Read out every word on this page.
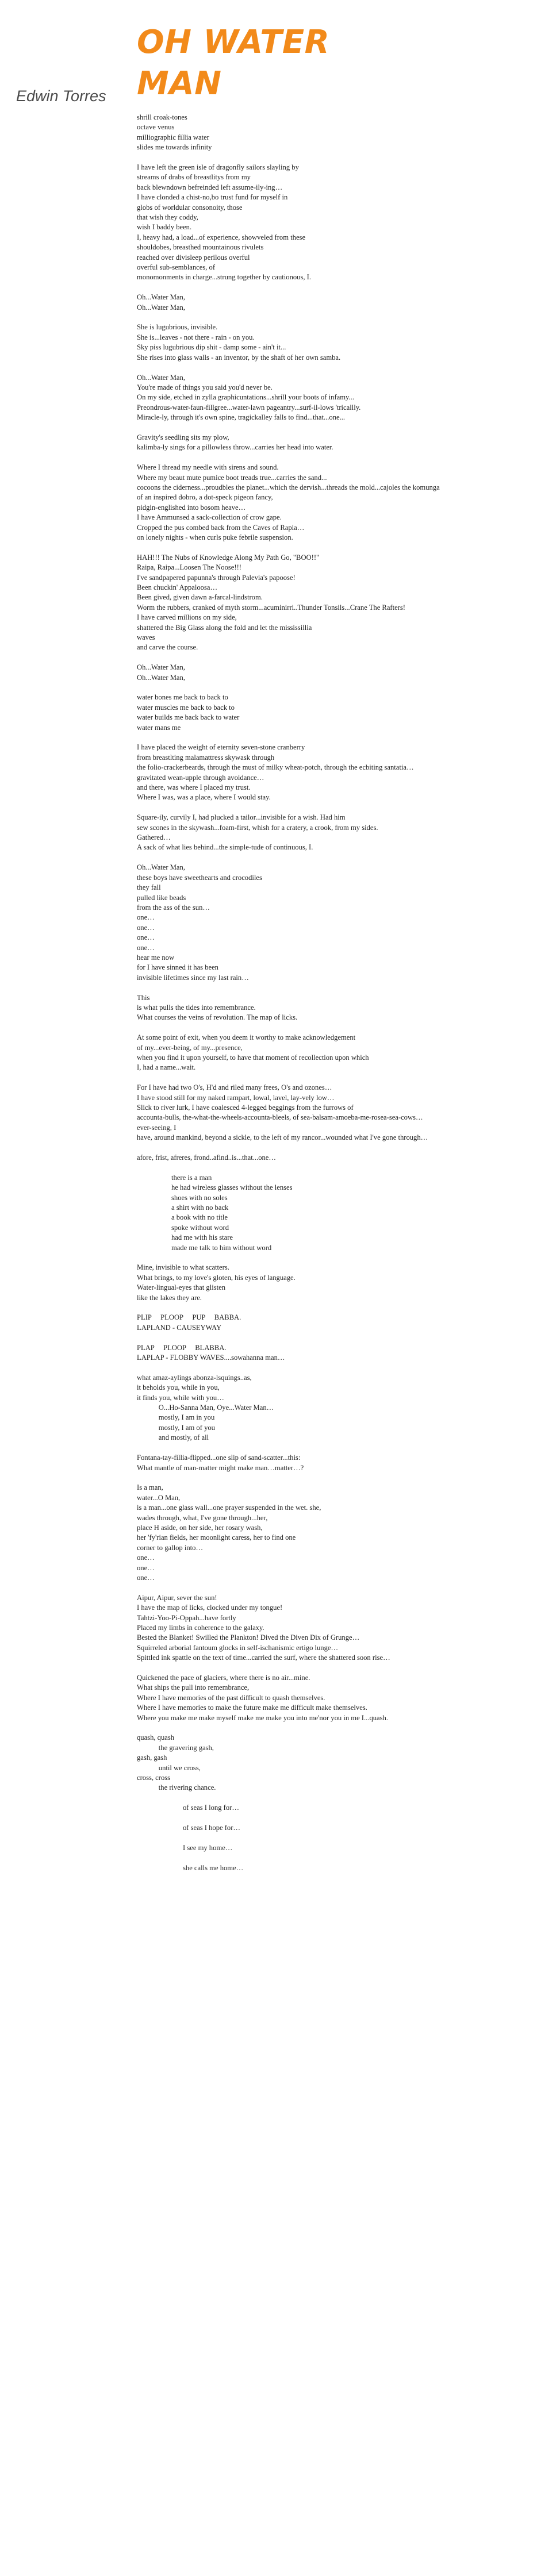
OH WATER
MAN
Edwin Torres
shrill croak-tones
octave venus
milliographic fillia water
slides me towards infinity
I have left the green isle of dragonfly sailors slayling by
streams of drabs of breastlitys from my
back blewndown befreinded left assume-ily-ing…
I have clonded a chist-no,bo trust fund for myself in
globs of worldular consonoity, those
that wish they coddy,
wish I baddy been.
I, heavy had, a load...of experience, showveled from these
shouldobes, breasthed mountainous rivulets
reached over divisleep perilous overful
overful sub-semblances, of
monomonments in charge...strung together by cautionous, I.
Oh...Water Man,
Oh...Water Man,
She is lugubrious, invisible.
She is...leaves - not there - rain - on you.
Sky piss lugubrious dip shit - damp some - ain't it...
She rises into glass walls - an inventor, by the shaft of her own samba.
Oh...Water Man,
You're made of things you said you'd never be.
On my side, etched in zylla graphicuntations...shrill your boots of infamy...
Preondrous-water-faun-fillgree...water-lawn pageantry...surf-il-lows 'tricallly.
Miracle-ly, through it's own spine, tragickalley falls to find...that...one...
Gravity's seedling sits my plow,
kalimba-ly sings for a pillowless throw...carries her head into water.
Where I thread my needle with sirens and sound.
Where my beaut mute pumice boot treads true...carries the sand...
cocoons the ciderness...proudbles the planet...which the dervish...threads the mold...cajoles the komunga
of an inspired dobro, a dot-speck pigeon fancy,
pidgin-englished into bosom heave…
I have Ammunsed a sack-collection of crow gape.
Cropped the pus combed back from the Caves of Rapia…
on lonely nights - when curls puke febrile suspension.
HAH!!! The Nubs of Knowledge Along My Path Go, "BOO!!"
Raipa, Raipa...Loosen The Noose!!!
I've sandpapered papunna's through Palevia's papoose!
Been chuckin' Appaloosa…
Been gived, given dawn a-farcal-lindstrom.
Worm the rubbers, cranked of myth storm...acuminirri..Thunder Tonsils...Crane The Rafters!
I have carved millions on my side,
shattered the Big Glass along the fold and let the mississillia
waves
and carve the course.
Oh...Water Man,
Oh...Water Man,
water bones me back to back to
water muscles me back to back to
water builds me back back to water
water mans me
I have placed the weight of eternity seven-stone cranberry
from breastlting malamattress skywask through
the folio-crackerbeards, through the must of milky wheat-potch, through the ecbiting santatia…
gravitated wean-upple through avoidance…
and there, was where I placed my trust.
Where I was, was a place, where I would stay.
Square-ily, curvily I, had plucked a tailor...invisible for a wish. Had him
sew scones in the skywash...foam-first, whish for a cratery, a crook, from my sides.
Gathered…
A sack of what lies behind...the simple-tude of continuous, I.
Oh...Water Man,
these boys have sweethearts and crocodiles
they fall
pulled like beads
from the ass of the sun…
one…
one…
one…
one…
hear me now
for I have sinned it has been
invisible lifetimes since my last rain…
This
is what pulls the tides into remembrance.
What courses the veins of revolution. The map of licks.
At some point of exit, when you deem it worthy to make acknowledgement
of my...ever-being, of my...presence,
when you find it upon yourself, to have that moment of recollection upon which
I, had a name...wait.
For I have had two O's, H'd and riled many frees, O's and ozones…
I have stood still for my naked rampart, lowal, lavel, lay-vely low…
Slick to river lurk, I have coalesced 4-legged beggings from the furrows of
accounta-bulls, the-what-the-wheels-accounta-bleels, of sea-balsam-amoeba-me-rosea-sea-cows…
ever-seeing, I
have, around mankind, beyond a sickle, to the left of my rancor...wounded what I've gone through…
afore, frist, afreres, frond..afind..is...that...one…
there is a man
he had wireless glasses without the lenses
shoes with no soles
a shirt with no back
a book with no title
spoke without word
had me with his stare
made me talk to him without word
Mine, invisible to what scatters.
What brings, to my love's gloten, his eyes of language.
Water-lingual-eyes that glisten
like the lakes they are.
PLIP     PLOOP     PUP     BABBA.
LAPLAND - CAUSEYWAY
PLAP     PLOOP     BLABBA.
LAPLAP - FLOBBY WAVES....sowahanna man…
what amaz-aylings abonza-lsquings..as,
it beholds you, while in you,
it finds you, while with you…
O...Ho-Sanna Man, Oye...Water Man…
mostly, I am in you
mostly, I am of you
and mostly, of all
Fontana-tay-fillia-flipped...one slip of sand-scatter...this:
What mantle of man-matter might make man…matter…?
Is a man,
water...O Man,
is a man...one glass wall...one prayer suspended in the wet. she,
wades through, what, I've gone through...her,
place H aside, on her side, her rosary wash,
her 'fy'rian fields, her moonlight caress, her to find one
corner to gallop into…
one…
one…
one…
Aipur, Aipur, sever the sun!
I have the map of licks, clocked under my tongue!
Tahtzi-Yoo-Pi-Oppah...have fortly
Placed my limbs in coherence to the galaxy.
Bested the Blanket! Swilled the Plankton! Dived the Diven Dix of Grunge…
Squirreled arborial fantoum glocks in self-ischanismic ertigo lunge…
Spittled ink spattle on the text of time...carried the surf, where the shattered soon rise…
Quickened the pace of glaciers, where there is no air...mine.
What ships the pull into remembrance,
Where I have memories of the past difficult to quash themselves.
Where I have memories to make the future make me difficult make themselves.
Where you make me make myself make me make you into me'nor you in me I...quash.
quash, quash
the gravering gash,
gash, gash
until we cross,
cross, cross
the rivering chance.
of seas I long for…
of seas I hope for…
I see my home…
she calls me home…
